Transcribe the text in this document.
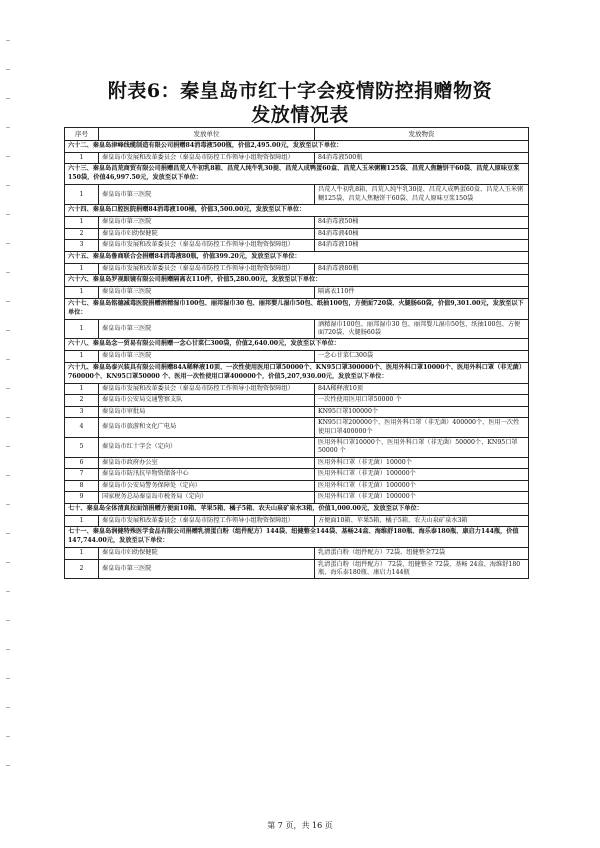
附表6：秦皇岛市红十字会疫情防控捐赠物资
发放情况表
序号	发放单位	发放物资
六十二、秦皇岛津峰线缆制造有限公司捐赠84消毒液500瓶，价值2,495.00元，发放至以下单位：		
1	秦皇岛市发展和改革委员会（秦皇岛市防控工作领导小组物资保障组）	84消毒液500瓶
六十三、秦皇岛昌荒商贸有限公司捐赠昌荒人牛初乳8箱、昌荒人纯牛乳30提、昌荒人成鸭蛋60盒、昌荒人玉米粥糊125袋、昌荒人焦糖饼干60袋、昌荒人原味豆浆150袋，价值46,997.50元，发放至以下单位：		
1	秦皇岛市第三医院	昌荒人牛初乳8箱、昌荒人纯牛乳30提、昌荒人成鸭蛋60盒、昌荒人玉米粥糊125袋、昌荒人焦糖饼干60袋、昌荒人原味豆浆150袋
六十四、秦皇岛口腔医院捐赠84消毒液100桶，价值3,500.00元，发放至以下单位：		
1	秦皇岛市第三医院	84消毒液50桶
2	秦皇岛市妇幼保健院	84消毒液40桶
3	秦皇岛市发展和改革委员会（秦皇岛市防控工作领导小组物资保障组）	84消毒液10桶
六十五、秦皇岛鲁商联合会捐赠84消毒液80瓶，价值399.20元，发放至以下单位：		
1	秦皇岛市发展和改革委员会（秦皇岛市防控工作领导小组物资保障组）	84消毒液80瓶
六十六、秦皇岛罗视眼镜有限公司捐赠隔离衣110件，价值5,280.00元，发放至以下单位：		
1	秦皇岛市第三医院	隔离衣110件
六十七、秦皇岛铭德减毒医院捐赠酒精湿巾100包、丽邦湿巾30 包、丽邦婴儿湿巾50包、纸抽100包，方便面720袋、火腿肠60袋，价值9,301.00元，发放至以下单位：		
1	秦皇岛市第三医院	酒精湿巾100包、丽邦湿巾30 包、丽邦婴儿湿巾50包、纸抽100包、方便面720袋、火腿肠60袋
六十八、秦皇岛念一贸易有限公司捐赠一念心甘菜仁300袋，价值2,640.00元，发放至以下单位：		
1	秦皇岛市第三医院	一念心甘菜仁300袋
六十九、秦皇岛泰兴装具有限公司捐赠84A稀释液10顶、一次性使用医用口罩50000个、KN95口罩300000个、医用外科口罩10000个、医用外科口罩（非无菌）760000个、KN95口罩50000 个、医用一次性使用口罩400000个，价值5,207,930.00元，发放至以下单位：		
1	秦皇岛市发展和改革委员会（秦皇岛市防控工作领导小组物资保障组）	84A稀释液10顶
2	秦皇岛市公安局交通警察支队	一次性使用医用口罩50000 个
3	秦皇岛市审批局	KN95口罩100000个
4	秦皇岛市旅游和文化广电局	KN95口罩200000个、医用外科口罩（非无菌）400000个、医用一次性使用口罩400000个
5	秦皇岛市红十字会（定向）	医用外科口罩10000个、医用外科口罩（非无菌）50000个、KN95口罩50000 个
6	秦皇岛市政府办公室	医用外科口罩（非无菌）10000个
7	秦皇岛市防汛抗旱物资储备中心	医用外科口罩（非无菌）100000个
8	秦皇岛市公安局警务保障处（定向）	医用外科口罩（非无菌）100000个
9	国家税务总局秦皇岛市税务局（定向）	医用外科口罩（非无菌）100000个
七十、秦皇岛全体清真拉面馆捐赠方便面10箱、苹果5箱、橘子5箱、农夫山泉矿泉水3箱，价值1,000.00元，发放至以下单位：		
1	秦皇岛市发展和改革委员会（秦皇岛市防控工作领导小组物资保障组）	方便面10箱、苹果5箱、橘子5箱、农夫山泉矿泉水3箱
七十一、秦皇岛润健特殊医学食品有限公司捐赠乳清蛋白粉（组件配方）144袋、纽健整全144袋、基畅24盒、海维舒180瓶、海乐泰180瓶、康启力144瓶，价值147,744.00元，发放至以下单位：		
1	秦皇岛市妇幼保健院	乳清蛋白粉（组件配方）72袋、纽健整全72袋
2	秦皇岛市第三医院	乳清蛋白粉（组件配方） 72袋、纽健整全 72袋、基畅 24盒、海维舒180瓶、海乐泰180瓶、康启力144瓶
第 7 页，共 16 页
